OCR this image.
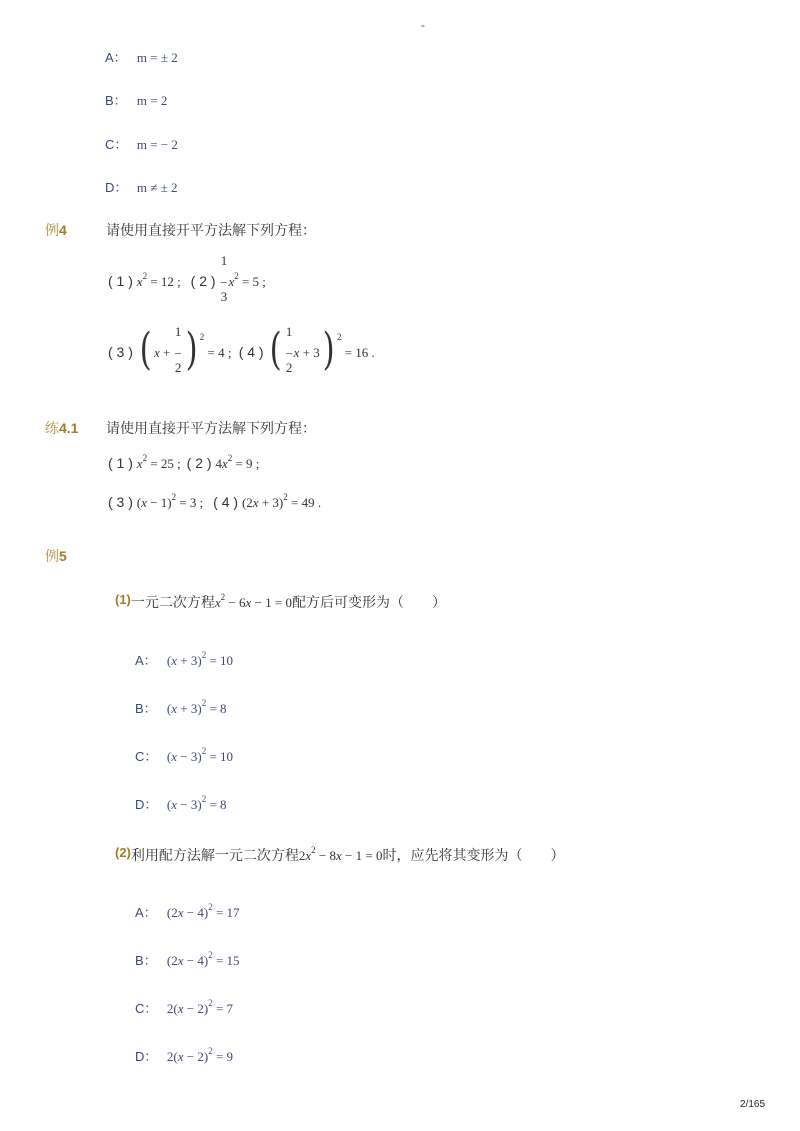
-
A： m = ± 2
B： m = 2
C： m = − 2
D： m ≠ ± 2
例4	请使用直接开平方法解下列方程：
( 1 ) $x^2 = 12$ ; ( 2 )
1
−
3
$x^2 = 5$ ;
( 3 ) ( x +
1
−
2 ) $^2$ = 4 ; ( 4 ) ( 1
−
2
x + 3) $^2$ = 16 .
练4.1 请使用直接开平方法解下列方程：
( 1 ) $x^2 = 25$ ; ( 2 ) $4x^2 = 9$ ;
( 3 ) $(x - 1)^2 = 3$ ; ( 4 ) $(2x + 3)^2 = 49$ .
例5
(1)一元二次方程$x^2 - 6x - 1 = 0$配方后可变形为（　　）
A： $(x + 3)^2 = 10$
B： $(x + 3)^2 = 8$
C： $(x - 3)^2 = 10$
D： $(x - 3)^2 = 8$
(2)利用配方法解一元二次方程$2x^2 - 8x - 1 = 0$时，应先将其变形为（　　）
A： $(2x - 4)^2 = 17$
B： $(2x - 4)^2 = 15$
C： $2(x - 2)^2 = 7$
D： $2(x - 2)^2 = 9$
2/165
